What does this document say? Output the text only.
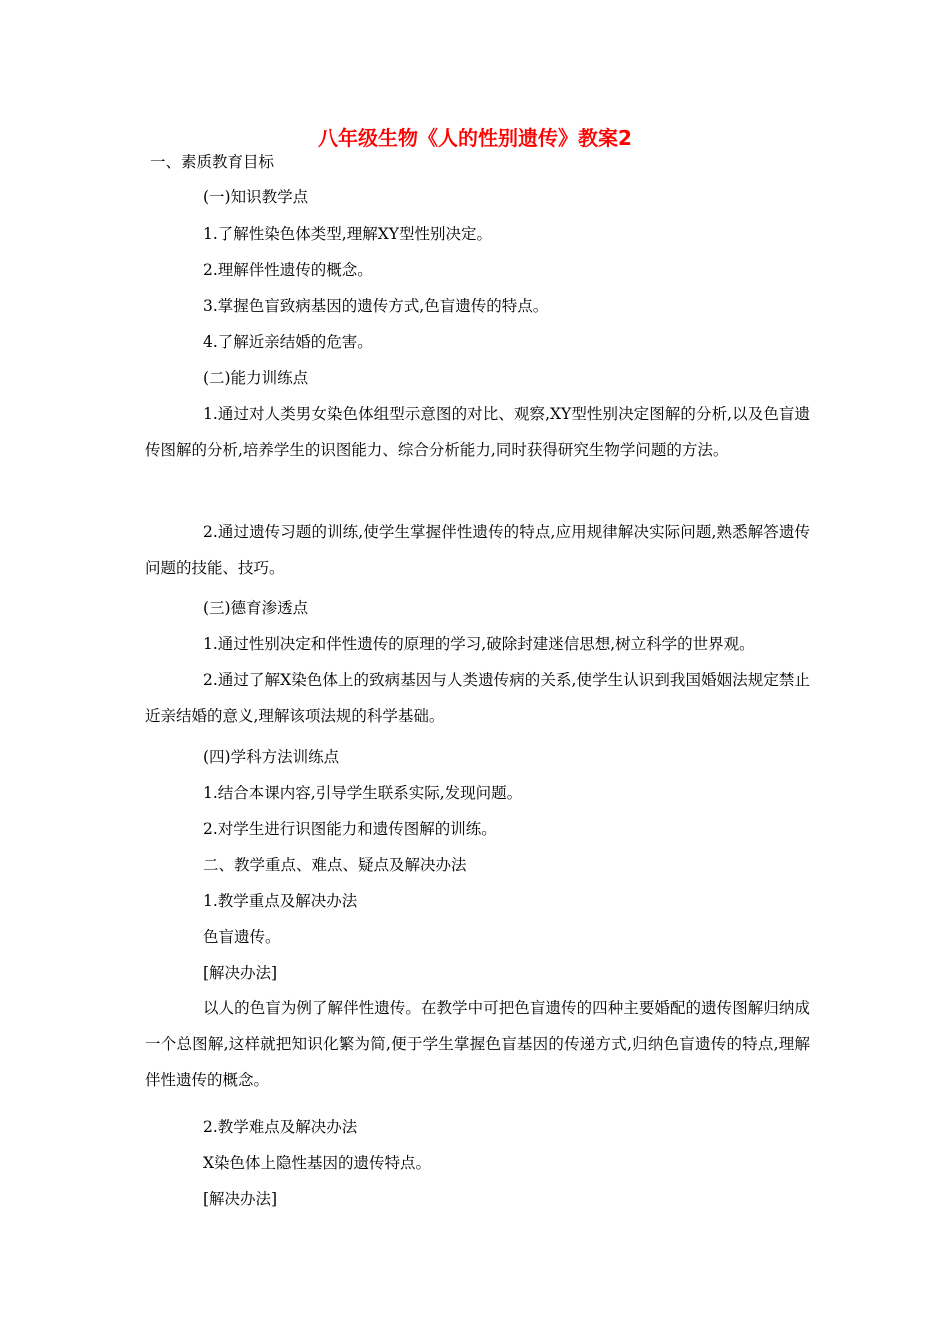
八年级生物《人的性别遗传》教案2
一、素质教育目标
(一)知识教学点
1.了解性染色体类型,理解XY型性别决定。
2.理解伴性遗传的概念。
3.掌握色盲致病基因的遗传方式,色盲遗传的特点。
4.了解近亲结婚的危害。
(二)能力训练点
1.通过对人类男女染色体组型示意图的对比、观察,XY型性别决定图解的分析,以及色盲遗传图解的分析,培养学生的识图能力、综合分析能力,同时获得研究生物学问题的方法。
2.通过遗传习题的训练,使学生掌握伴性遗传的特点,应用规律解决实际问题,熟悉解答遗传问题的技能、技巧。
(三)德育渗透点
1.通过性别决定和伴性遗传的原理的学习,破除封建迷信思想,树立科学的世界观。
2.通过了解X染色体上的致病基因与人类遗传病的关系,使学生认识到我国婚姻法规定禁止近亲结婚的意义,理解该项法规的科学基础。
(四)学科方法训练点
1.结合本课内容,引导学生联系实际,发现问题。
2.对学生进行识图能力和遗传图解的训练。
二、教学重点、难点、疑点及解决办法
1.教学重点及解决办法
色盲遗传。
[解决办法]
以人的色盲为例了解伴性遗传。在教学中可把色盲遗传的四种主要婚配的遗传图解归纳成一个总图解,这样就把知识化繁为简,便于学生掌握色盲基因的传递方式,归纳色盲遗传的特点,理解伴性遗传的概念。
2.教学难点及解决办法
X染色体上隐性基因的遗传特点。
[解决办法]
